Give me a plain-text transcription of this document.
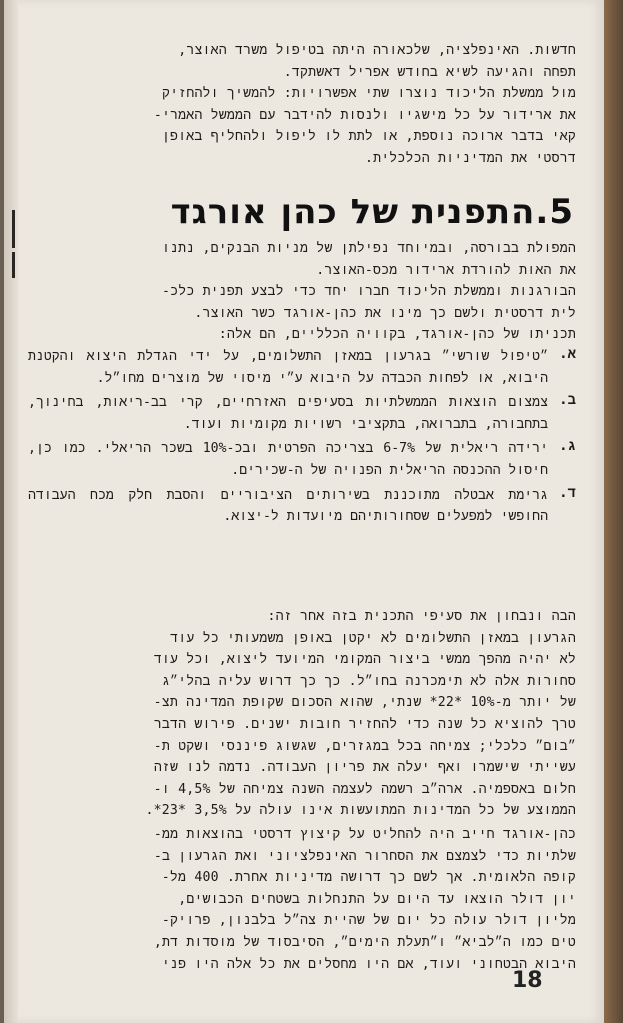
חדשות. האינפלציה, שלכאורה היתה בטיפול משרד האוצר,
תפחה והגיעה לשיא בחודש אפריל דאשתקד.
מול ממשלת הליכוד נוצרו שתי אפשרויות: להמשיך ולהחזיק
את ארידור על כל מישגיו ולנסות להידבר עם הממשל האמרי-
קאי בדבר ארוכה נוספת, או לתת לו ליפול ולהחליף באופן
דרסטי את המדיניות הכלכלית.
5.התפנית של כהן אורגד
המפולת בבורסה, ובמיוחד נפילתן של מניות הבנקים, נתנו
את האות להורדת ארידור מכס-האוצר.
הבורגנות וממשלת הליכוד חברו יחד כדי לבצע תפנית כלכ-
לית דרסטית ולשם כך מינו את כהן-אורגד כשר האוצר.
תכניתו של כהן-אורגד, בקוויה הכלליים, הם אלה:
א.
״טיפול שורשי״ בגרעון במאזן התשלומים, על ידי הגדלת היצוא והקטנת היבוא, או לפחות הכבדה על היבוא ע״י מיסוי של מוצרים מחו״ל.
ב.
צמצום הוצאות הממשלתיות בסעיפים האזרחיים, קרי בב-ריאות, בחינוך, בתחבורה, בתברואה, בתקציבי רשויות מקומיות ועוד.
ג.
ירידה ריאלית של 6-7% בצריכה הפרטית ובכ-10% בשכר הריאלי. כמו כן, חיסול ההכנסה הריאלית הפנויה של ה-שכירים.
ד.
גרימת אבטלה מתוכננת בשירותים הציבוריים והסבת חלק מכח העבודה החופשי למפעלים שסחורותיהם מיועדות ל-יצוא.
הבה ונבחון את סעיפי התכנית בזה אחר זה:
הגרעון במאזן התשלומים לא יקטן באופן משמעותי כל עוד
לא יהיה מהפך ממשי ביצור המקומי המיועד ליצוא, וכל עוד
סחורות אלה לא תימכרנה בחו״ל. כך כך דרוש עליה בהלי״ג
של יותר מ-10% *22* שנתי, שהוא הסכום שקופת המדינה תצ-
טרך להוציא כל שנה כדי להחזיר חובות ישנים. פירוש הדבר
״בום״ כלכלי; צמיחה בכל במגזרים, שגשוג פיננסי ושקט ת-
עשייתי שישמרו ואף יעלה את פריון העבודה. נדמה לנו שזה
חלום באספמיה. ארה״ב רשמה לעצמה השנה צמיחה של 4,5% ו-
הממוצע של כל המדינות המתועשות אינו עולה על 3,5% *23*.
כהן-אורגד חייב היה להחליט על קיצוץ דרסטי בהוצאות ממ-
שלתיות כדי לצמצם את הסחרור האינפלציוני ואת הגרעון ב-
קופה הלאומית. אך לשם כך דרושה מדיניות אחרת. 400 מל-
יון דולר הוצאו עד היום על התנחלות בשטחים הכבושים,
מליון דולר עולה כל יום של שהיית צה״ל בלבנון, פרויק-
טים כמו ה״לביא״ ו״תעלת הימים״, הסיבסוד של מוסדות דת,
היבוא הבטחוני ועוד, אם היו מחסלים את כל אלה היו פני
18
